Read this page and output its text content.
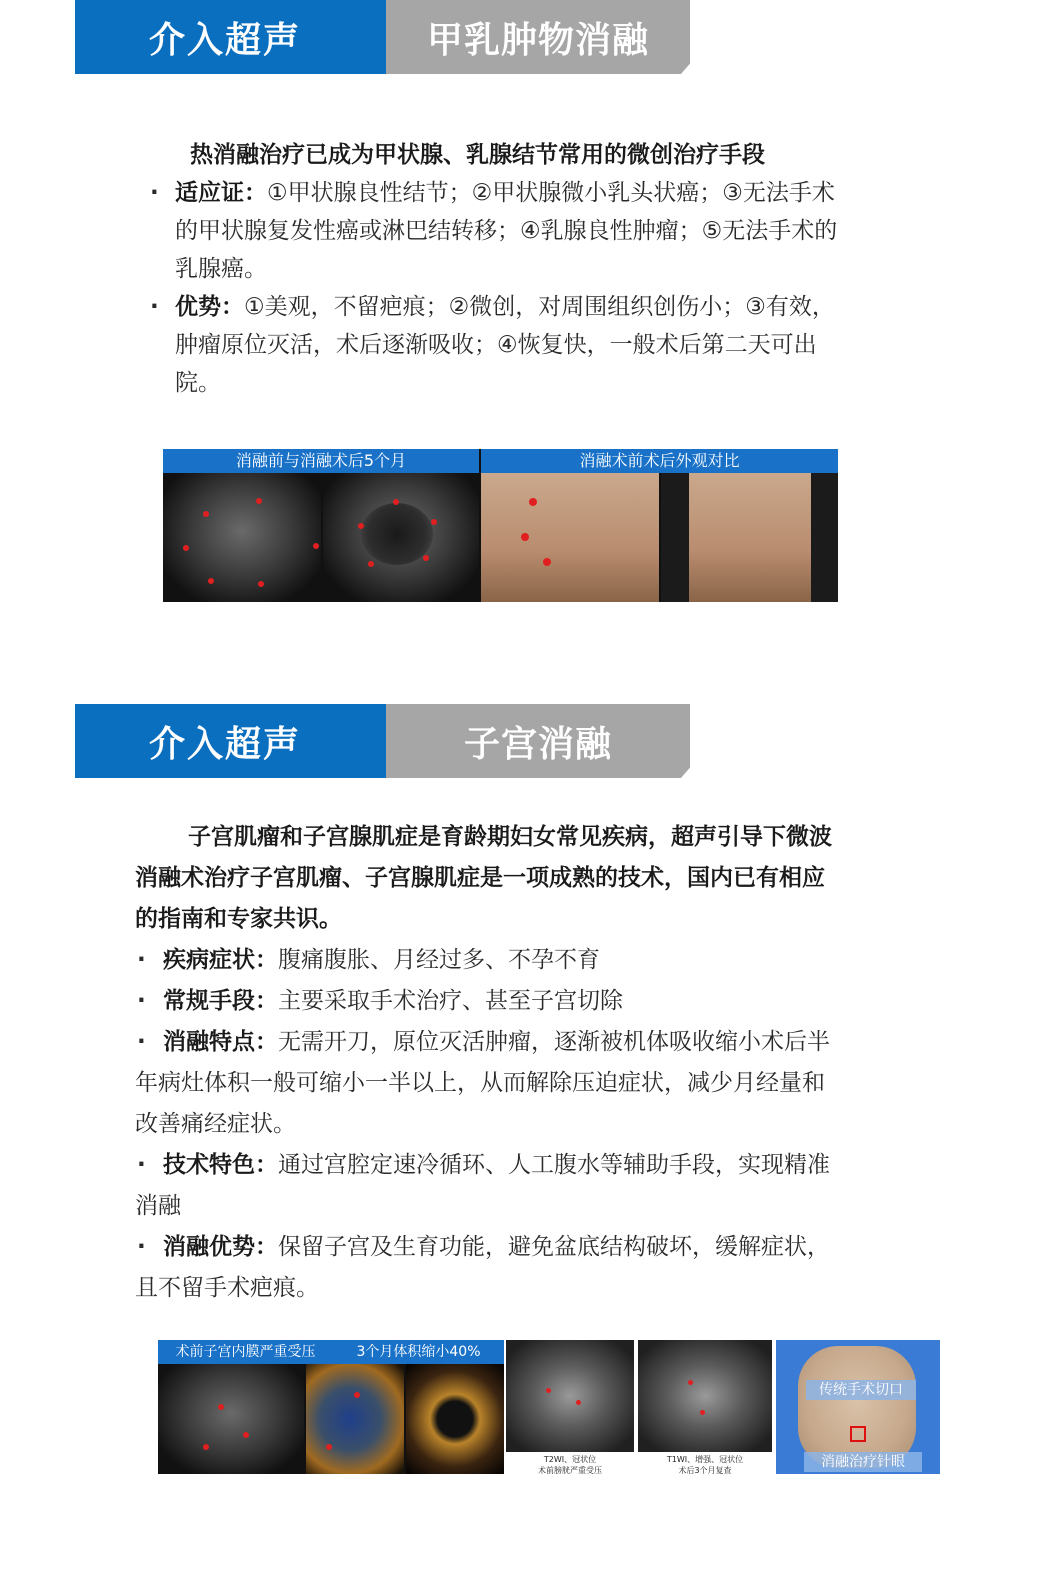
介入超声	甲乳肿物消融
热消融治疗已成为甲状腺、乳腺结节常用的微创治疗手段
· 适应证：①甲状腺良性结节；②甲状腺微小乳头状癌；③无法手术
的甲状腺复发性癌或淋巴结转移；④乳腺良性肿瘤；⑤无法手术的
乳腺癌。
· 优势：①美观，不留疤痕；②微创，对周围组织创伤小；③有效，
肿瘤原位灭活，术后逐渐吸收；④恢复快，一般术后第二天可出
院。
消融前与消融术后5个月	消融术前术后外观对比
介入超声	子宫消融
子宫肌瘤和子宫腺肌症是育龄期妇女常见疾病，超声引导下微波
消融术治疗子宫肌瘤、子宫腺肌症是一项成熟的技术，国内已有相应
的指南和专家共识。
· 疾病症状：腹痛腹胀、月经过多、不孕不育
· 常规手段：主要采取手术治疗、甚至子宫切除
· 消融特点：无需开刀，原位灭活肿瘤，逐渐被机体吸收缩小术后半
年病灶体积一般可缩小一半以上，从而解除压迫症状，减少月经量和
改善痛经症状。
· 技术特色：通过宫腔定速冷循环、人工腹水等辅助手段，实现精准
消融
· 消融优势：保留子宫及生育功能，避免盆底结构破坏，缓解症状，
且不留手术疤痕。
术前子宫内膜严重受压	3个月体积缩小40%
T2WI、冠状位
术前膀胱严重受压
T1WI、增强、冠状位
术后3个月复查
传统手术切口
消融治疗针眼
